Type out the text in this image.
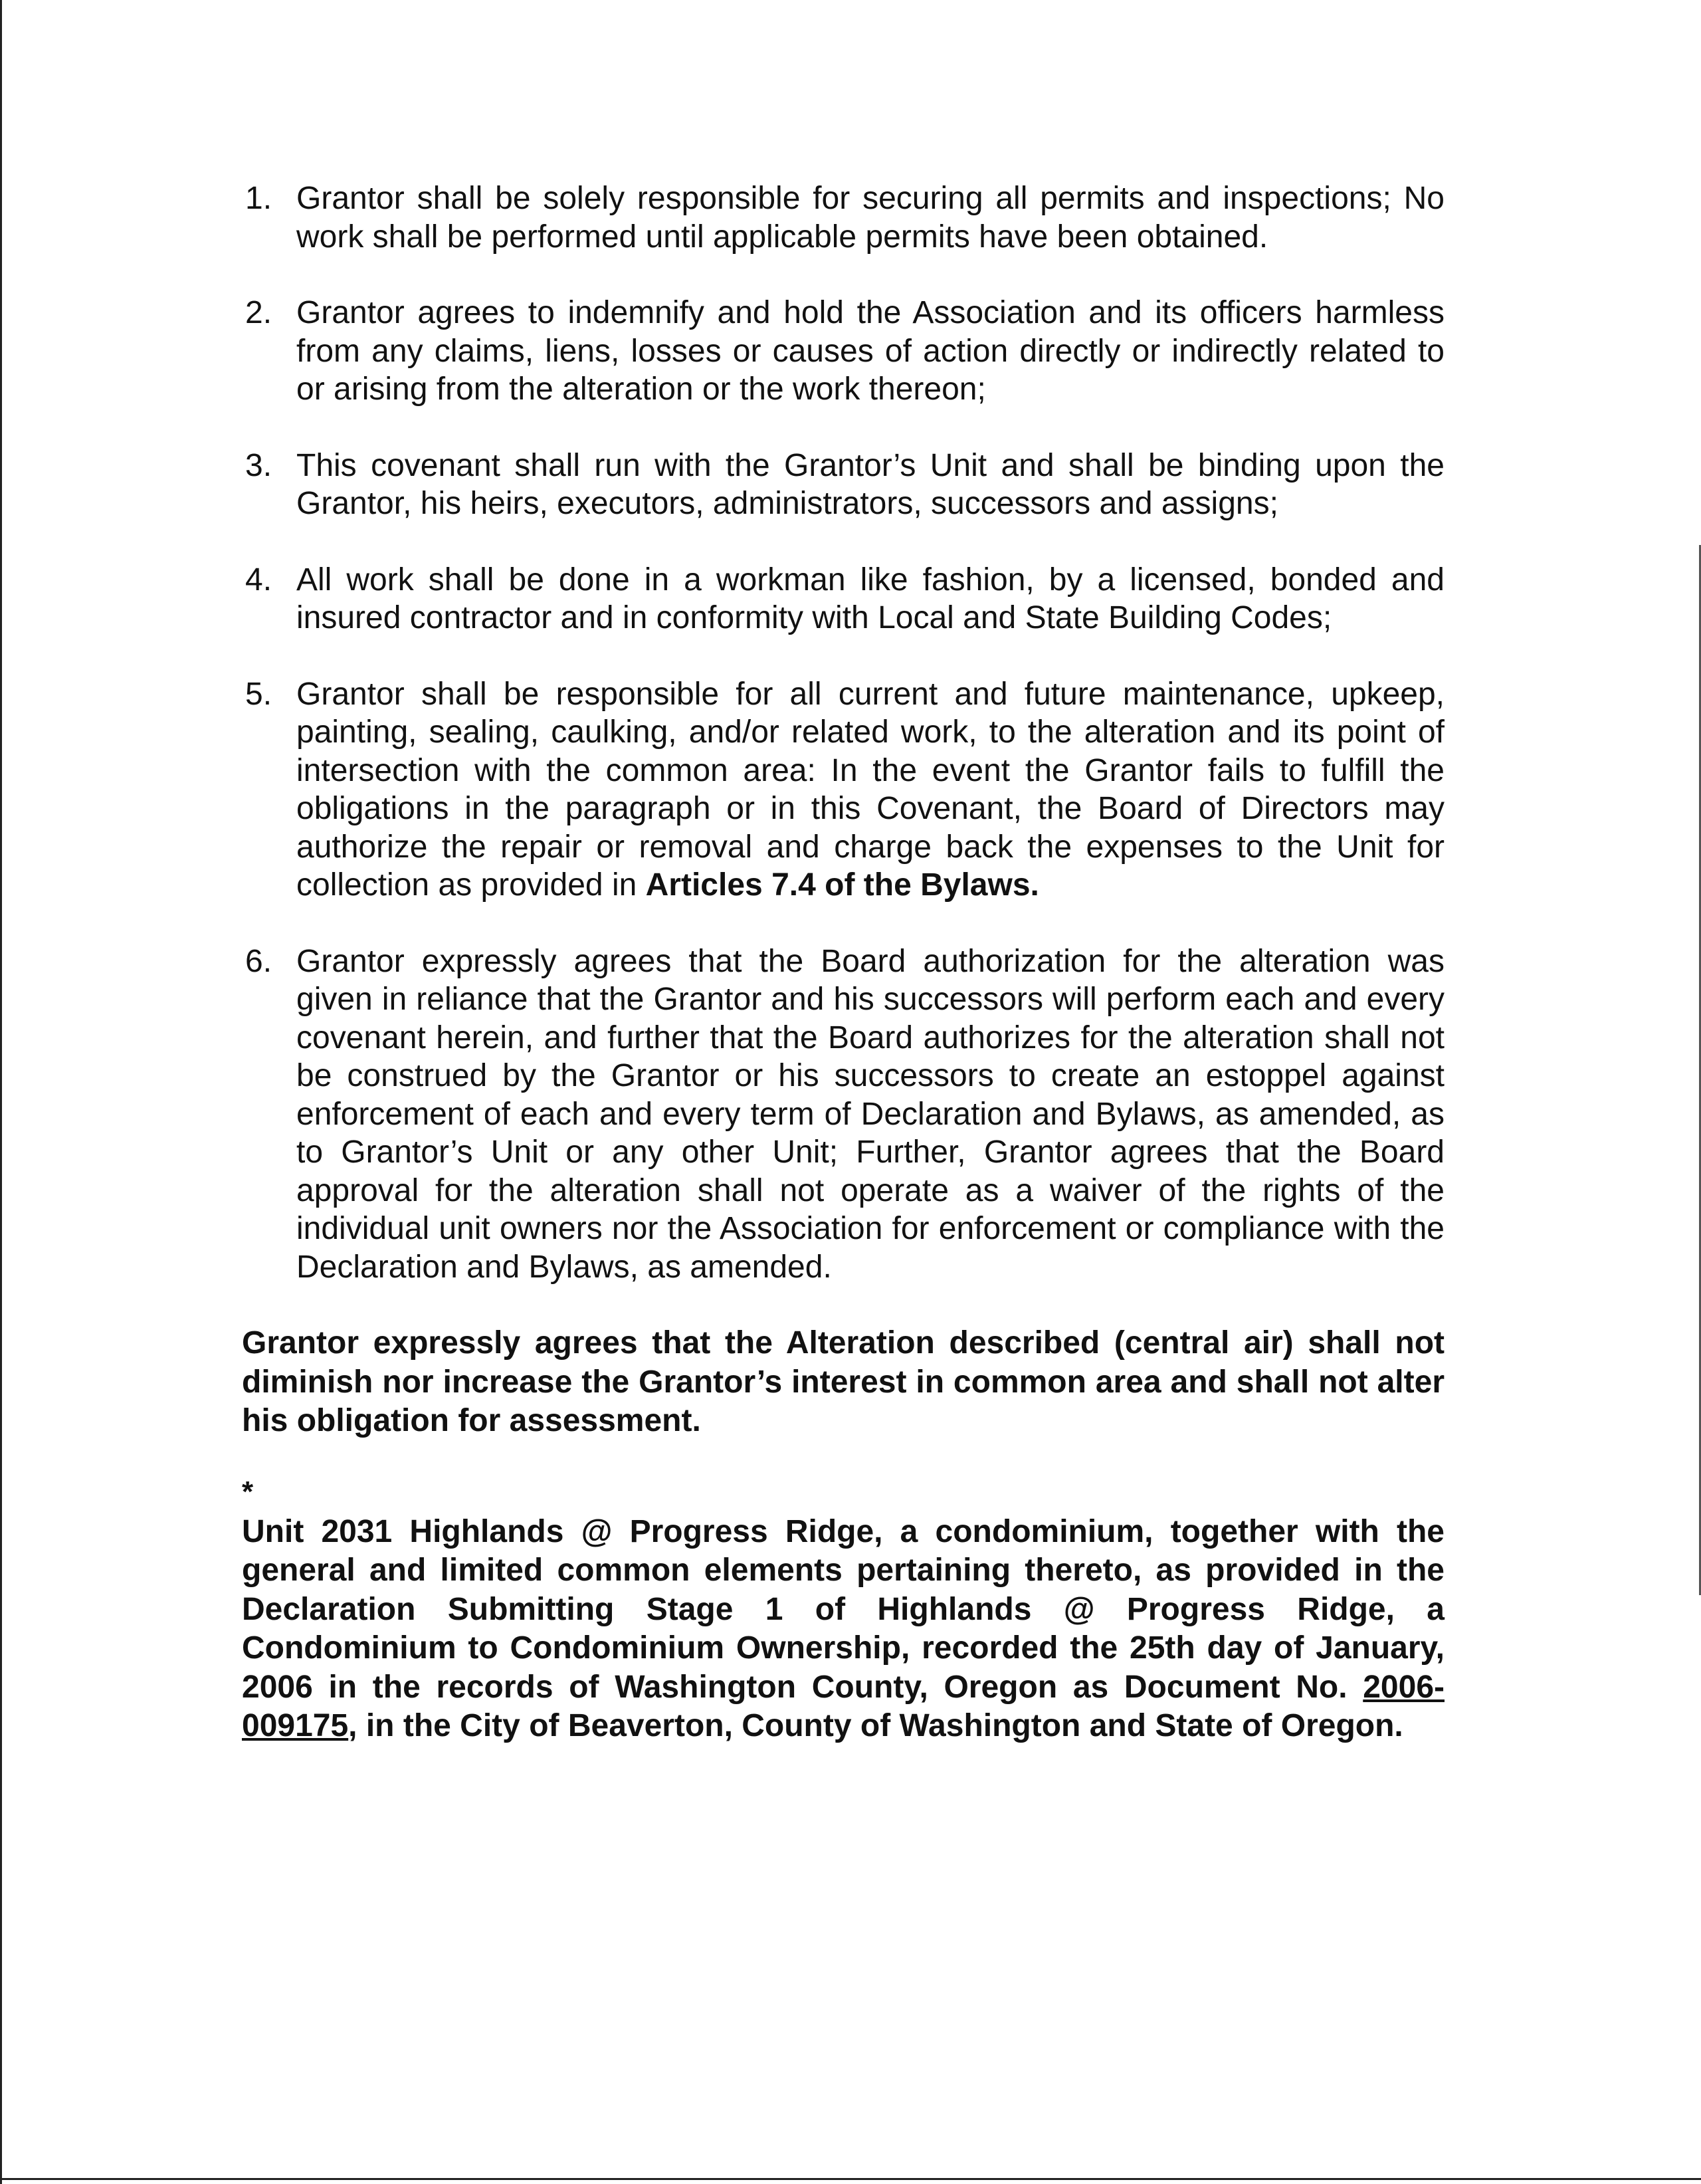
1. Grantor shall be solely responsible for securing all permits and inspections; No work shall be performed until applicable permits have been obtained.
2. Grantor agrees to indemnify and hold the Association and its officers harmless from any claims, liens, losses or causes of action directly or indirectly related to or arising from the alteration or the work thereon;
3. This covenant shall run with the Grantor’s Unit and shall be binding upon the Grantor, his heirs, executors, administrators, successors and assigns;
4. All work shall be done in a workman like fashion, by a licensed, bonded and insured contractor and in conformity with Local and State Building Codes;
5. Grantor shall be responsible for all current and future maintenance, upkeep, painting, sealing, caulking, and/or related work, to the alteration and its point of intersection with the common area: In the event the Grantor fails to fulfill the obligations in the paragraph or in this Covenant, the Board of Directors may authorize the repair or removal and charge back the expenses to the Unit for collection as provided in Articles 7.4 of the Bylaws.
6. Grantor expressly agrees that the Board authorization for the alteration was given in reliance that the Grantor and his successors will perform each and every covenant herein, and further that the Board authorizes for the alteration shall not be construed by the Grantor or his successors to create an estoppel against enforcement of each and every term of Declaration and Bylaws, as amended, as to Grantor’s Unit or any other Unit; Further, Grantor agrees that the Board approval for the alteration shall not operate as a waiver of the rights of the individual unit owners nor the Association for enforcement or compliance with the Declaration and Bylaws, as amended.
Grantor expressly agrees that the Alteration described (central air) shall not diminish nor increase the Grantor’s interest in common area and shall not alter his obligation for assessment.
*
Unit 2031 Highlands @ Progress Ridge, a condominium, together with the general and limited common elements pertaining thereto, as provided in the Declaration Submitting Stage 1 of Highlands @ Progress Ridge, a Condominium to Condominium Ownership, recorded the 25th day of January, 2006 in the records of Washington County, Oregon as Document No. 2006-009175, in the City of Beaverton, County of Washington and State of Oregon.
